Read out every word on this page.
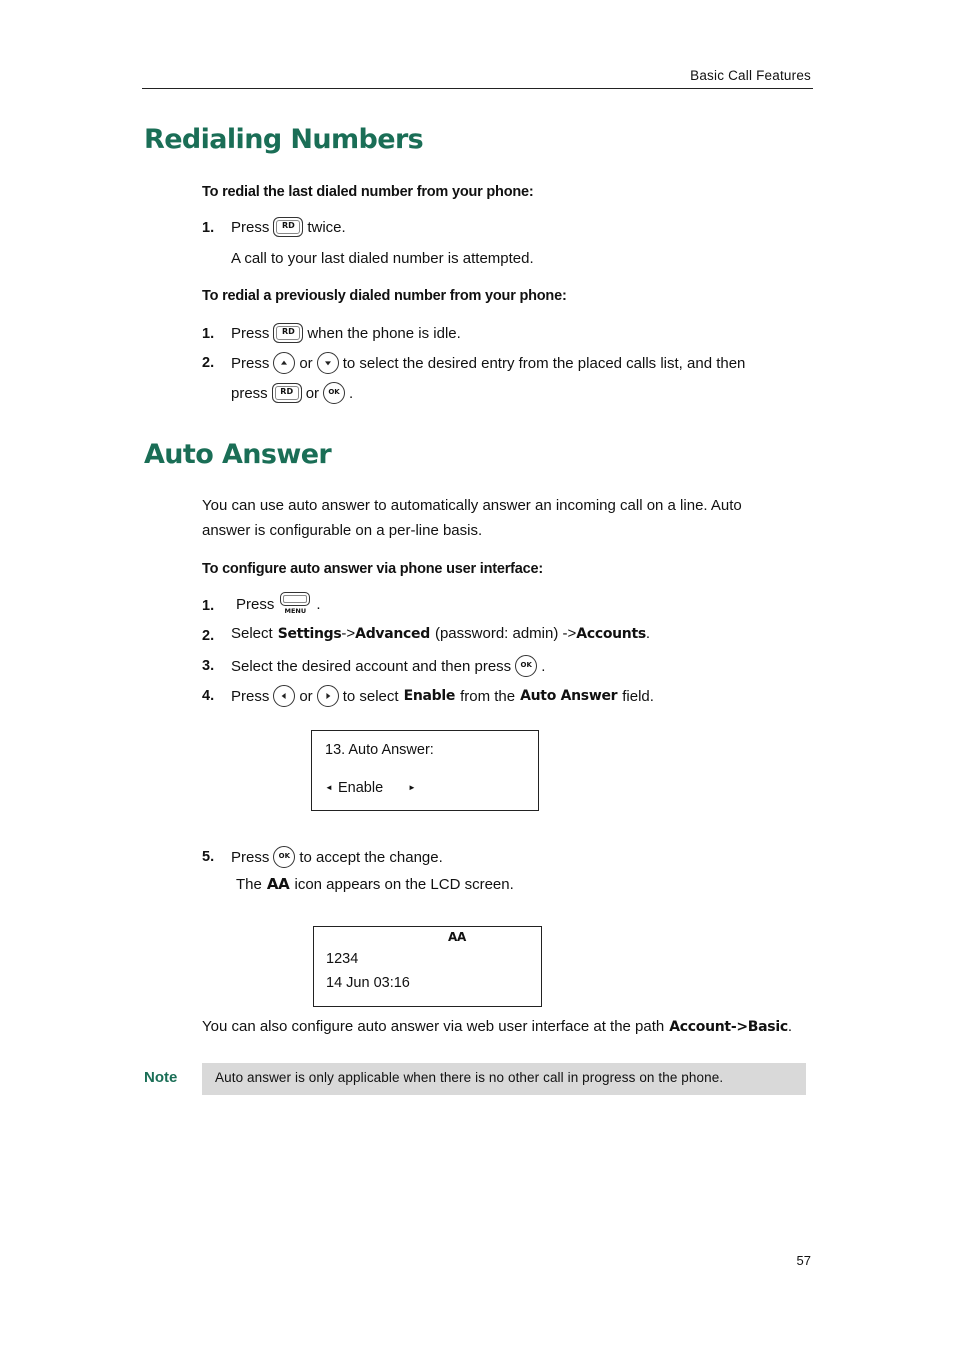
Basic Call Features
Redialing Numbers
To redial the last dialed number from your phone:
1. Press	RD twice.
A call to your last dialed number is attempted.
To redial a previously dialed number from your phone:
1. Press	RD when the phone is idle.
2. Press or to select the desired entry from the placed calls list, and then
press	RD or	OK .
Auto Answer
You can use auto answer to automatically answer an incoming call on a line. Auto
answer is configurable on a per-line basis.
To configure auto answer via phone user interface:
1. Press	MENU .
2. Select Settings -> Advanced (password: admin) -> Accounts .
3. Select the desired account and then press	OK .
4. Press or to select Enable from the Auto Answer field.
13. Auto Answer:
◄ Enable	►
5. Press	OK to accept the change.
The AA icon appears on the LCD screen.
AA
1234
14 Jun 03:16
You can also configure auto answer via web user interface at the path Account->Basic .
Note	Auto answer is only applicable when there is no other call in progress on the phone.
57
